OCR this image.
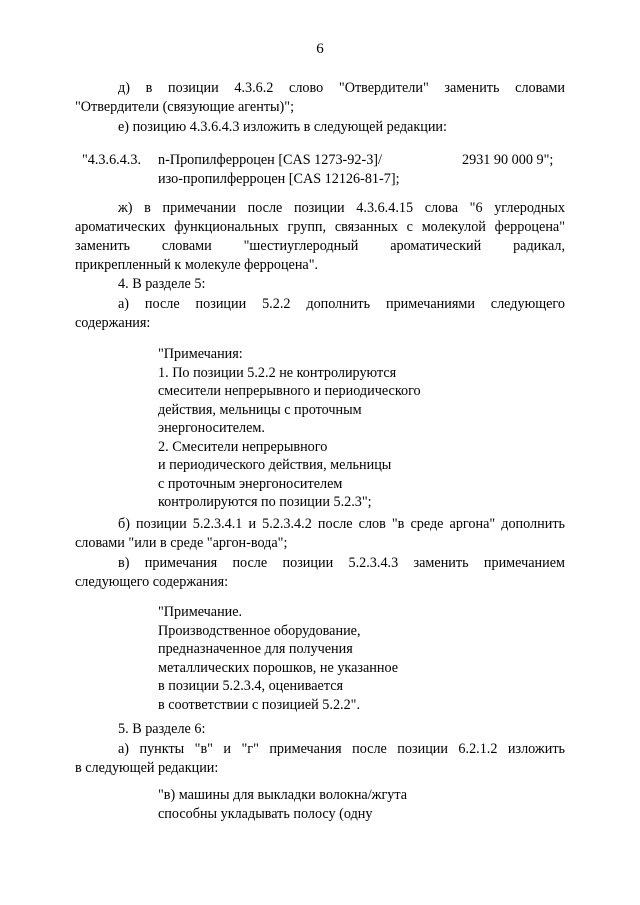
6
д) в позиции 4.3.6.2 слово "Отвердители" заменить словами
"Отвердители (связующие агенты)";
е) позицию 4.3.6.4.3 изложить в следующей редакции:
"4.3.6.4.3. n-Пропилферроцен [CAS 1273-92-3]/	2931 90 000 9";
изо-пропилферроцен [CAS 12126-81-7];
ж) в примечании после позиции 4.3.6.4.15 слова "6 углеродных
ароматических функциональных групп, связанных с молекулой ферроцена"
заменить словами "шестиуглеродный ароматический радикал,
прикрепленный к молекуле ферроцена".
4. В разделе 5:
а) после позиции 5.2.2 дополнить примечаниями следующего
содержания:
"Примечания:
1. По позиции 5.2.2 не контролируются
смесители непрерывного и периодического
действия, мельницы с проточным
энергоносителем.
2. Смесители непрерывного
и периодического действия, мельницы
с проточным энергоносителем
контролируются по позиции 5.2.3";
б) позиции 5.2.3.4.1 и 5.2.3.4.2 после слов "в среде аргона" дополнить
словами "или в среде "аргон-вода";
в) примечания после позиции 5.2.3.4.3 заменить примечанием
следующего содержания:
"Примечание.
Производственное оборудование,
предназначенное для получения
металлических порошков, не указанное
в позиции 5.2.3.4, оценивается
в соответствии с позицией 5.2.2".
5. В разделе 6:
а) пункты "в" и "г" примечания после позиции 6.2.1.2 изложить
в следующей редакции:
"в) машины для выкладки волокна/жгута
способны укладывать полосу (одну
